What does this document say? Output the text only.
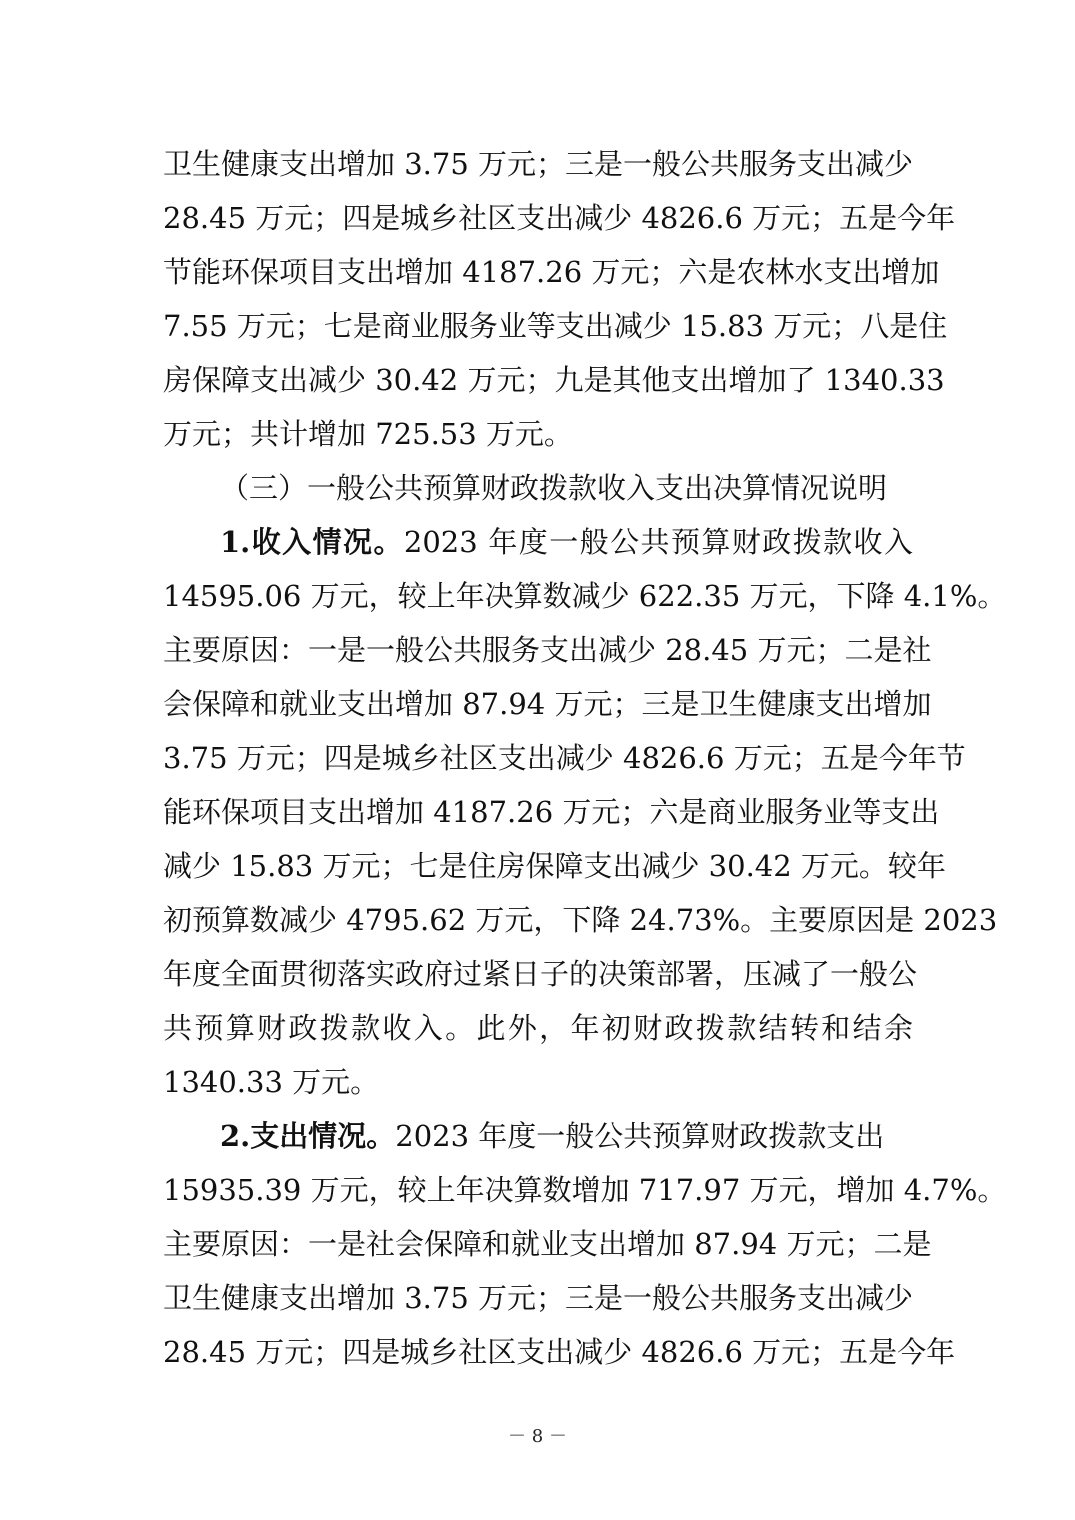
卫生健康支出增加 3.75 万元；三是一般公共服务支出减少
28.45 万元；四是城乡社区支出减少 4826.6 万元；五是今年
节能环保项目支出增加 4187.26 万元；六是农林水支出增加
7.55 万元；七是商业服务业等支出减少 15.83 万元；八是住
房保障支出减少 30.42 万元；九是其他支出增加了 1340.33
万元；共计增加 725.53 万元。
（三）一般公共预算财政拨款收入支出决算情况说明
1.收入情况。2023 年度一般公共预算财政拨款收入
14595.06 万元，较上年决算数减少 622.35 万元，下降 4.1%。
主要原因：一是一般公共服务支出减少 28.45 万元；二是社
会保障和就业支出增加 87.94 万元；三是卫生健康支出增加
3.75 万元；四是城乡社区支出减少 4826.6 万元；五是今年节
能环保项目支出增加 4187.26 万元；六是商业服务业等支出
减少 15.83 万元；七是住房保障支出减少 30.42 万元。较年
初预算数减少 4795.62 万元，下降 24.73%。主要原因是 2023
年度全面贯彻落实政府过紧日子的决策部署，压减了一般公
共预算财政拨款收入。此外，年初财政拨款结转和结余
1340.33 万元。
2.支出情况。2023 年度一般公共预算财政拨款支出
15935.39 万元，较上年决算数增加 717.97 万元，增加 4.7%。
主要原因：一是社会保障和就业支出增加 87.94 万元；二是
卫生健康支出增加 3.75 万元；三是一般公共服务支出减少
28.45 万元；四是城乡社区支出减少 4826.6 万元；五是今年
－ 8 －
